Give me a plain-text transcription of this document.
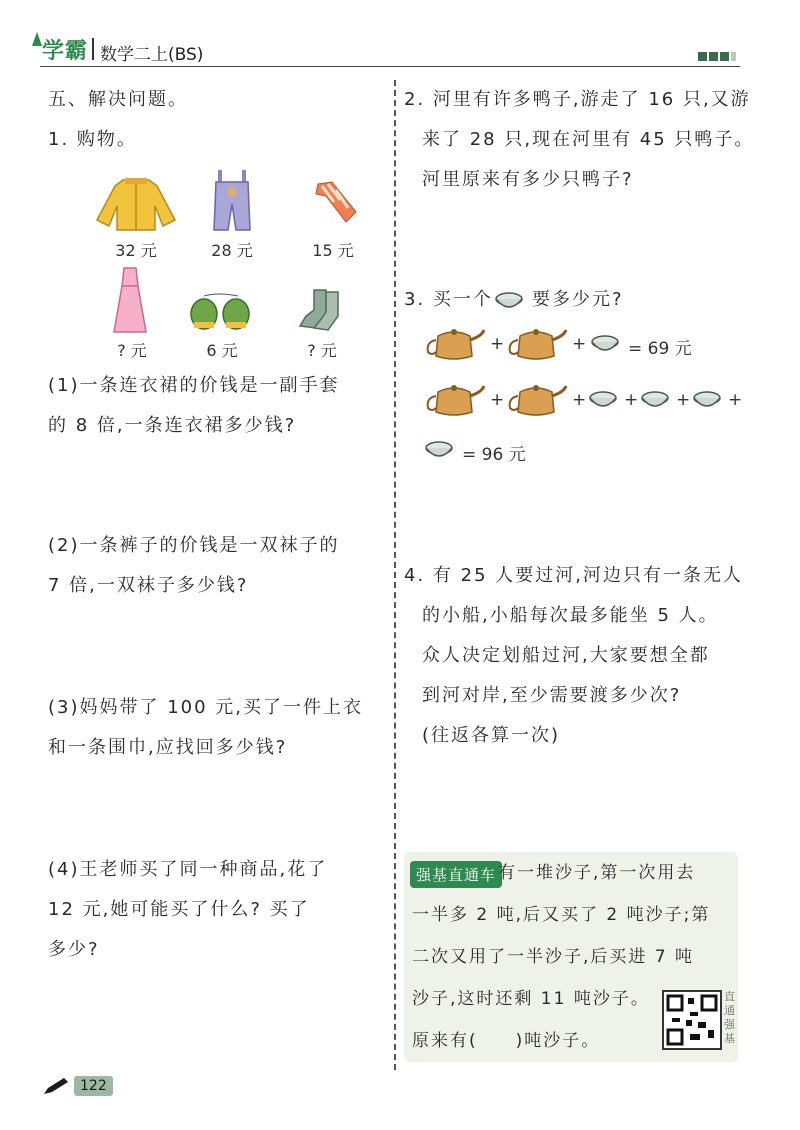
学霸 数学二上(BS)
五、解决问题。
1. 购物。
32 元	28 元	15 元
? 元	6 元	? 元
(1)一条连衣裙的价钱是一副手套
的 8 倍,一条连衣裙多少钱?
(2)一条裤子的价钱是一双袜子的
7 倍,一双袜子多少钱?
(3)妈妈带了 100 元,买了一件上衣
和一条围巾,应找回多少钱?
(4)王老师买了同一种商品,花了
12 元,她可能买了什么? 买了
多少?
2. 河里有许多鸭子,游走了 16 只,又游
来了 28 只,现在河里有 45 只鸭子。
河里原来有多少只鸭子?
3. 买一个 要多少元?
+	+ = 69 元
+	+ + + +
= 96 元
4. 有 25 人要过河,河边只有一条无人
的小船,小船每次最多能坐 5 人。
众人决定划船过河,大家要想全都
到河对岸,至少需要渡多少次?
(往返各算一次)
强基直通车 有一堆沙子,第一次用去
一半多 2 吨,后又买了 2 吨沙子;第
二次又用了一半沙子,后买进 7 吨
沙子,这时还剩 11 吨沙子。
原来有(　　)吨沙子。
直通强基
122
